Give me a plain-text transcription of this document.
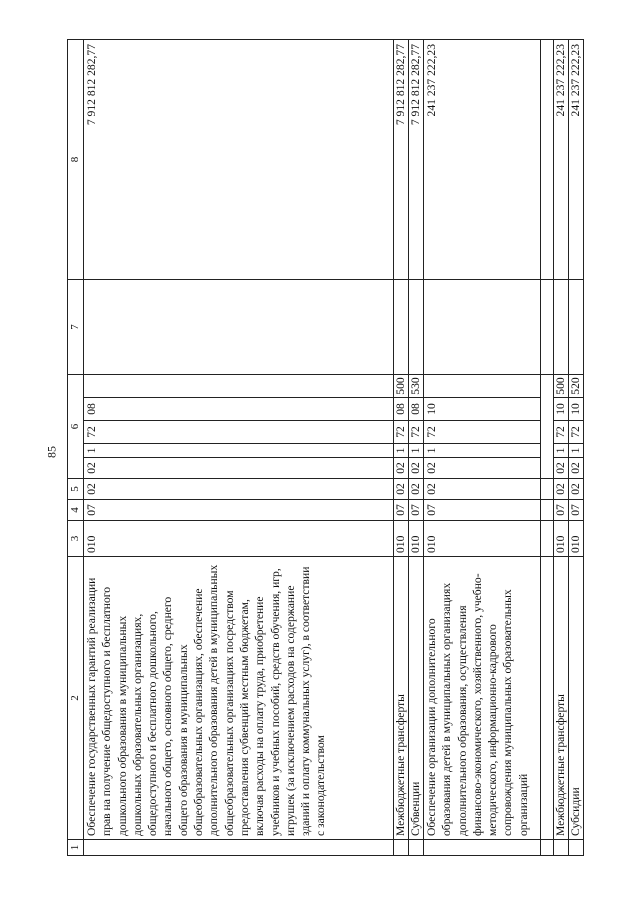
85
1	2	3	4	5	6					7	8
	Обеспечение государственных гарантий реализации прав на получение общедоступного и бесплатного дошкольного образования в муниципальных дошкольных образовательных организациях, общедоступного и бесплатного дошкольного, начального общего, основного общего, среднего общего образования в муниципальных общеобразовательных организациях, обеспечение дополнительного образования детей в муниципальных общеобразовательных организациях посредством предоставления субвенций местным бюджетам, включая расходы на оплату труда, приобретение учебников и учебных пособий, средств обучения, игр, игрушек (за исключением расходов на содержание зданий и оплату коммунальных услуг), в соответствии с законодательством	010	07	02	02	1	72	08			7 912 812 282,77
	Межбюджетные трансферты	010	07	02	02	1	72	08	500		7 912 812 282,77
	Субвенции	010	07	02	02	1	72	08	530		7 912 812 282,77
	Обеспечение организации дополнительного образования детей в муниципальных организациях дополнительного образования, осуществления финансово-экономического, хозяйственного, учебно-методического, информационно-кадрового сопровождения муниципальных образовательных организаций	010	07	02	02	1	72	10			241 237 222,23

	Межбюджетные трансферты	010	07	02	02	1	72	10	500		241 237 222,23
	Субсидии	010	07	02	02	1	72	10	520		241 237 222,23
